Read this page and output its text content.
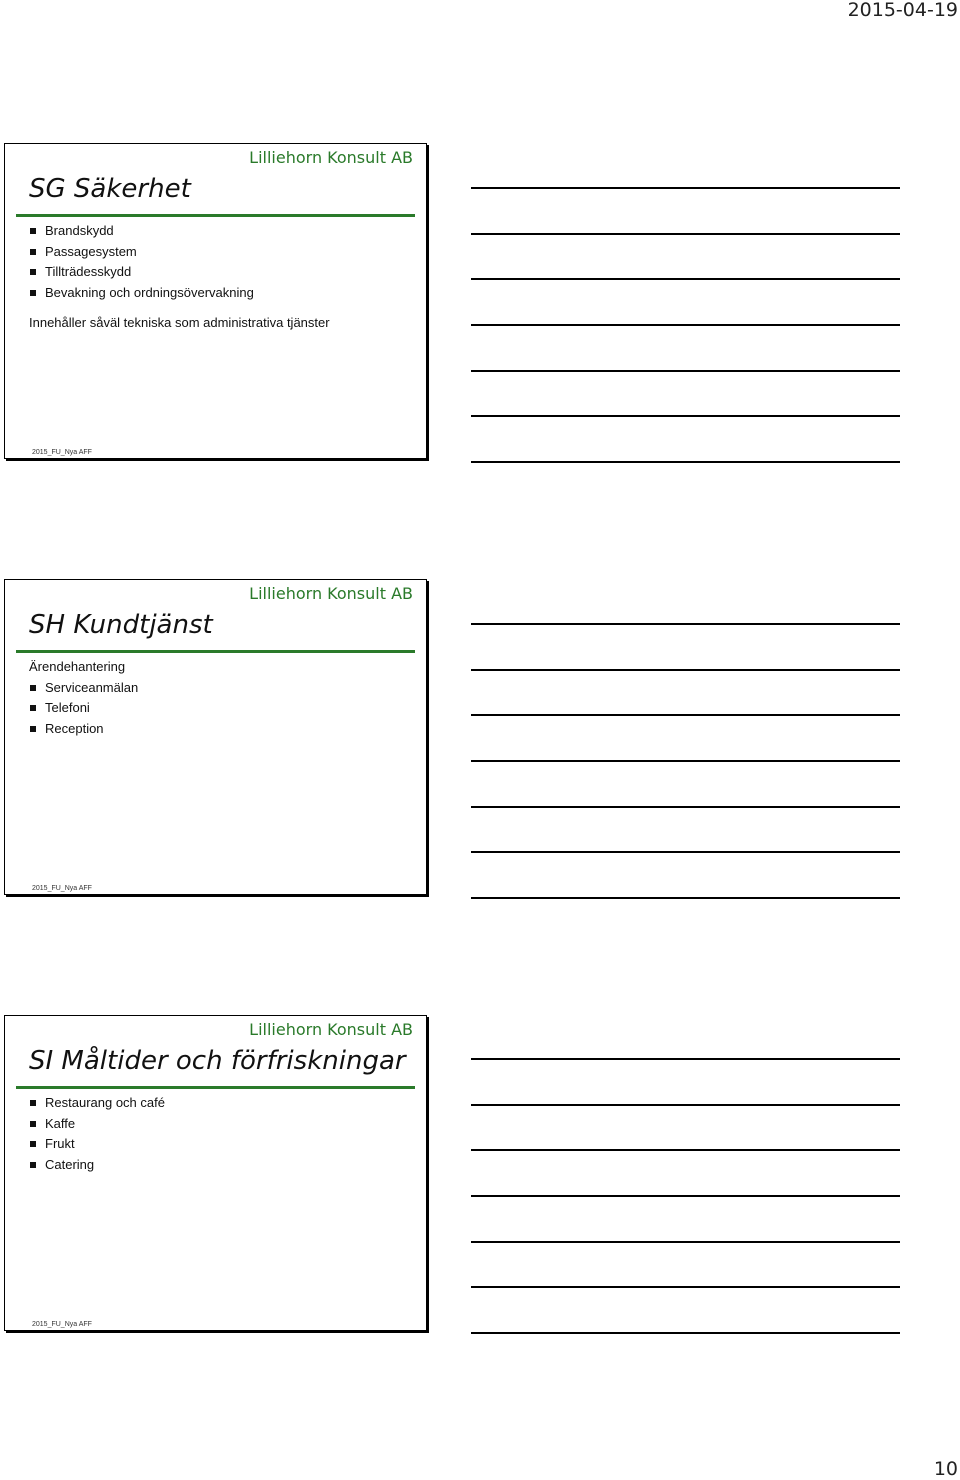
2015-04-19
Lilliehorn Konsult AB
SG Säkerhet
Brandskydd
Passagesystem
Tillträdesskydd
Bevakning och ordningsövervakning

Innehåller såväl tekniska som administrativa tjänster

2015_FU_Nya AFF
Lilliehorn Konsult AB
SH Kundtjänst

Ärendehantering

Serviceanmälan
Telefoni
Reception
2015_FU_Nya AFF
Lilliehorn Konsult AB
SI Måltider och förfriskningar
Restaurang och café
Kaffe
Frukt
Catering
2015_FU_Nya AFF
10
